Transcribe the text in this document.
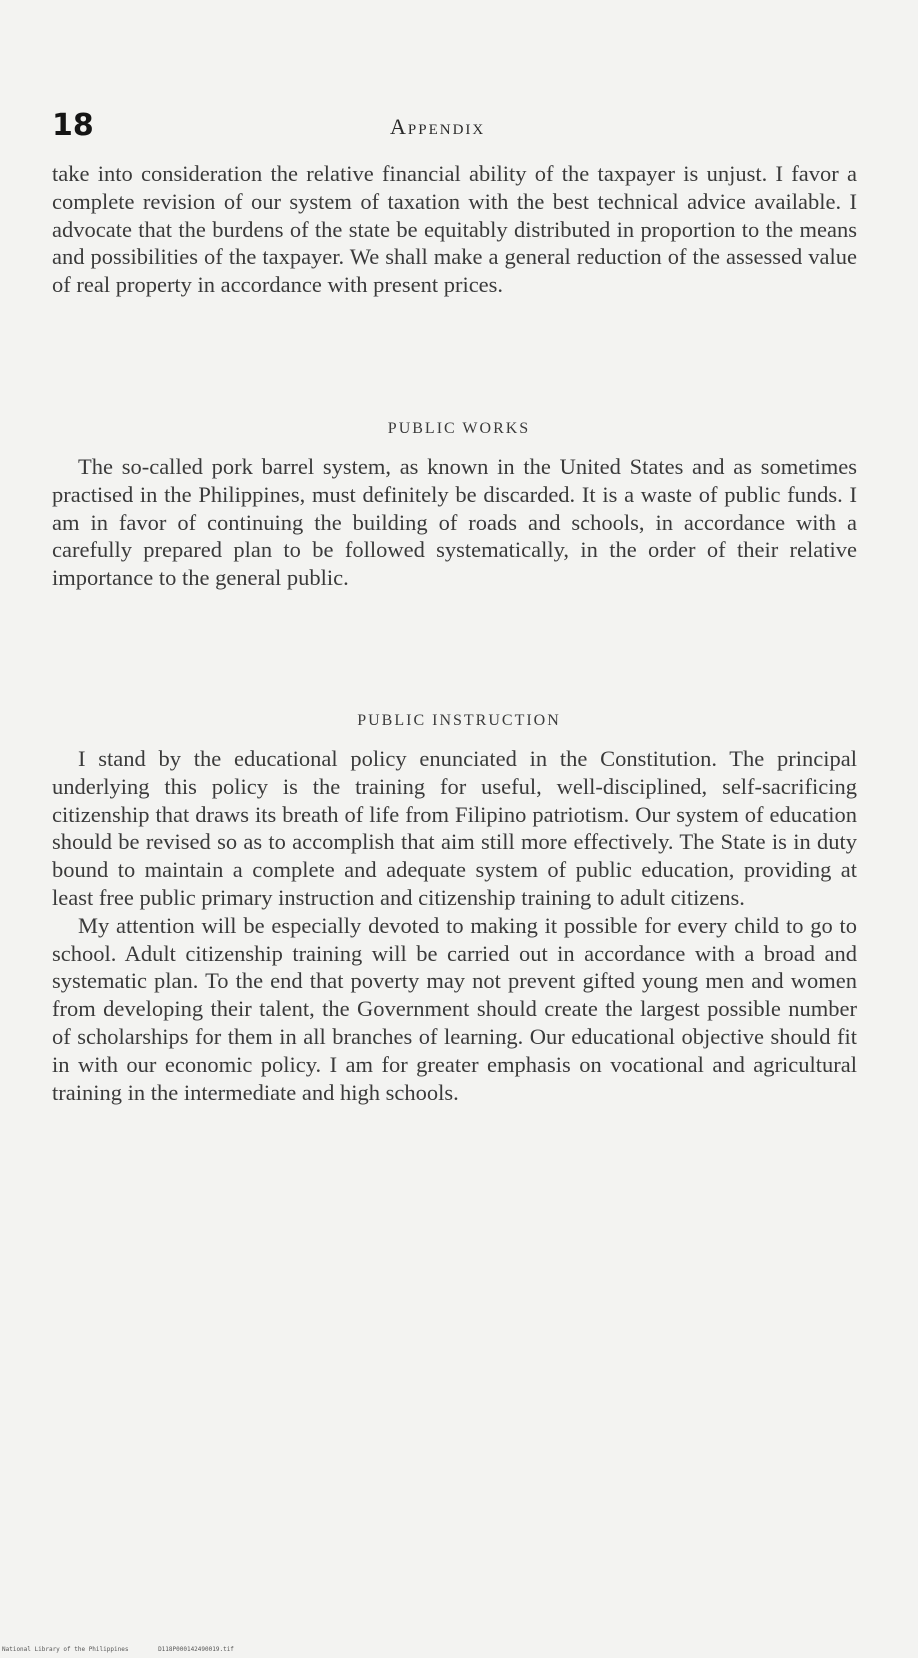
18	Appendix

take into consideration the relative financial ability of the taxpayer is unjust. I favor a complete revision of our system of taxation with the best technical advice available. I advocate that the burdens of the state be equitably distributed in proportion to the means and possibilities of the taxpayer. We shall make a general reduction of the assessed value of real property in accordance with present prices.

PUBLIC WORKS

The so-called pork barrel system, as known in the United States and as sometimes practised in the Philippines, must definitely be discarded. It is a waste of public funds. I am in favor of continuing the building of roads and schools, in accordance with a carefully prepared plan to be followed systematically, in the order of their relative importance to the general public.

PUBLIC INSTRUCTION

I stand by the educational policy enunciated in the Constitution. The principal underlying this policy is the training for useful, well-disciplined, self-sacrificing citizenship that draws its breath of life from Filipino patriotism. Our system of education should be revised so as to accomplish that aim still more effectively. The State is in duty bound to maintain a complete and adequate system of public education, providing at least free public primary instruction and citizenship training to adult citizens.

My attention will be especially devoted to making it possible for every child to go to school. Adult citizenship training will be carried out in accordance with a broad and systematic plan. To the end that poverty may not prevent gifted young men and women from developing their talent, the Government should create the largest possible number of scholarships for them in all branches of learning. Our educational objective should fit in with our economic policy. I am for greater emphasis on vocational and agricultural training in the intermediate and high schools.

National Library of the Philippines	D118P000142490019.tif
